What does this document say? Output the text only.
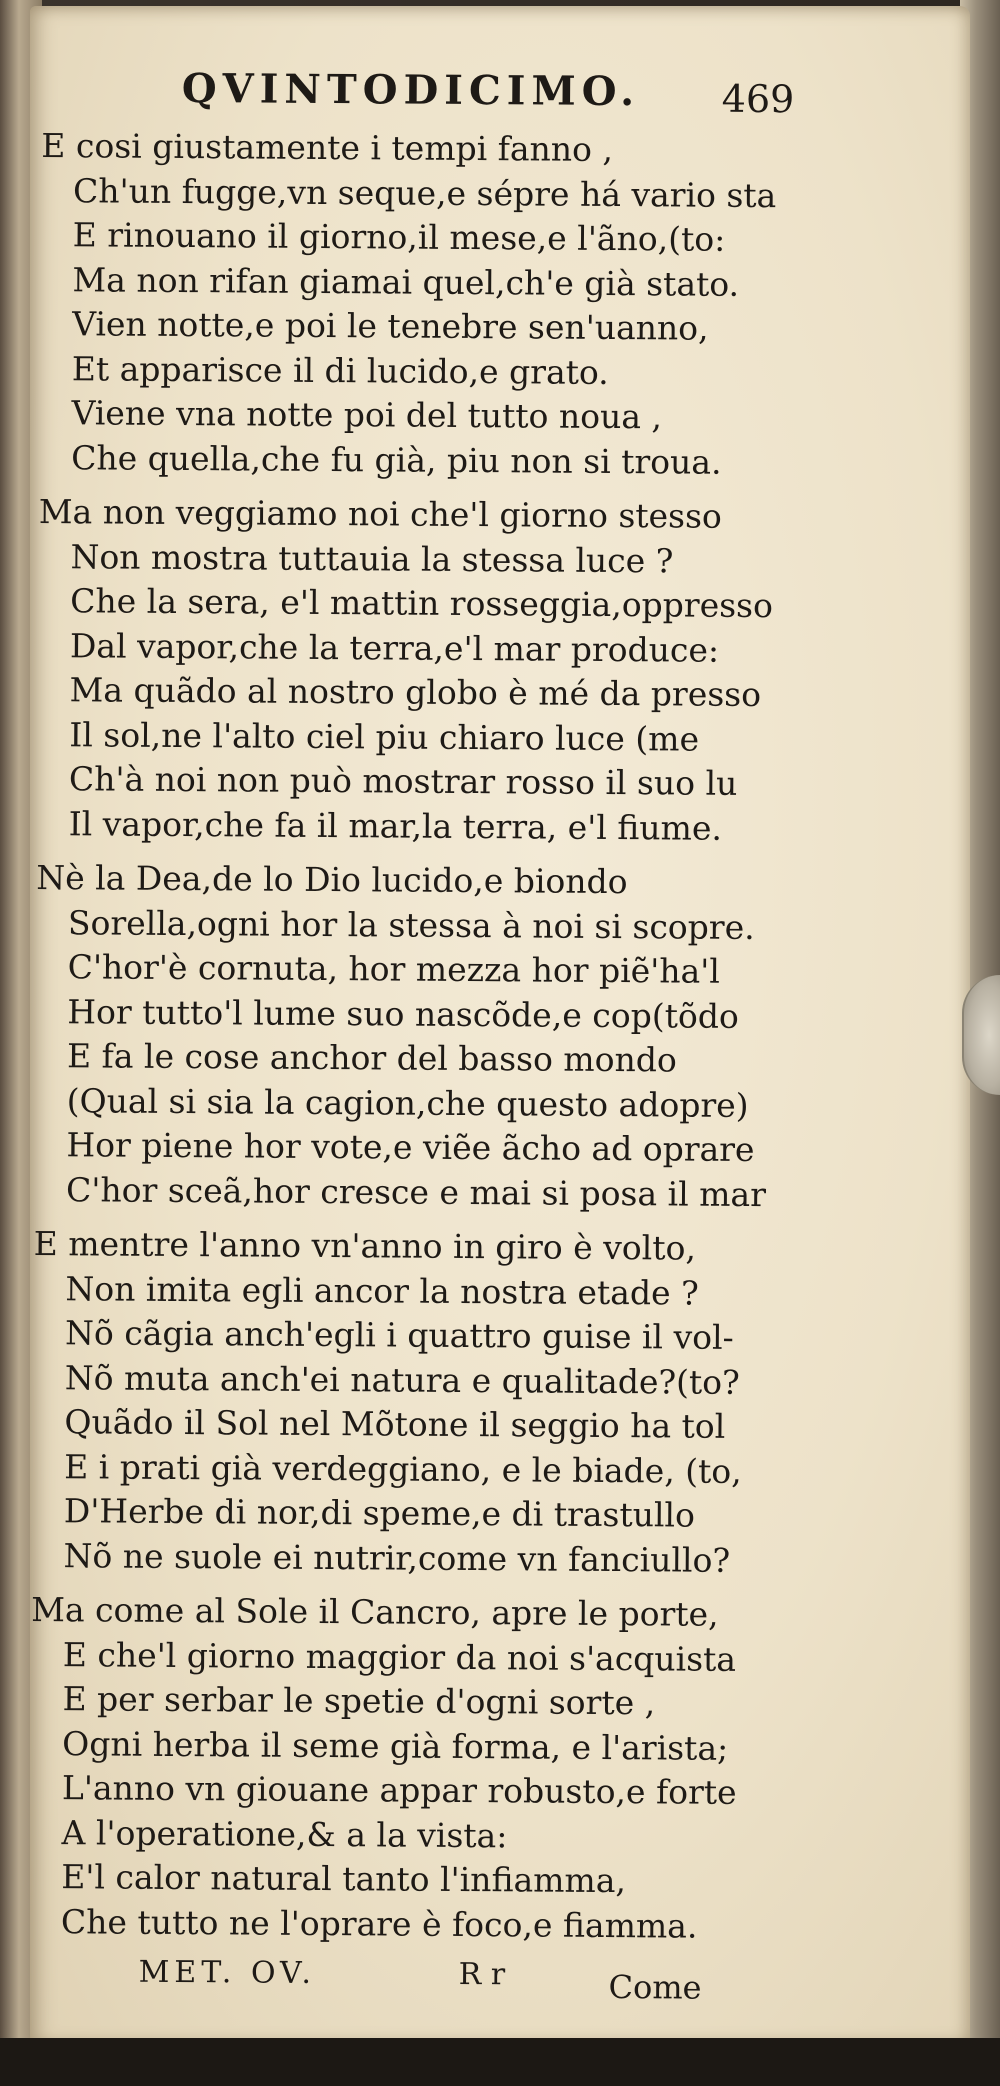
QVINTODICIMO. 469
E cosi giustamente i tempi fanno ,
Ch'un fugge,vn seque,e sépre há vario sta
E rinouano il giorno,il mese,e l'ãno,(to:
Ma non rifan giamai quel,ch'e già stato.
Vien notte,e poi le tenebre sen'uanno,
Et apparisce il di lucido,e grato.
Viene vna notte poi del tutto noua ,
Che quella,che fu già, piu non si troua.
Ma non veggiamo noi che'l giorno stesso
Non mostra tuttauia la stessa luce ?
Che la sera, e'l mattin rosseggia,oppresso
Dal vapor,che la terra,e'l mar produce:
Ma quãdo al nostro globo è mé da presso
Il sol,ne l'alto ciel piu chiaro luce (me
Ch'à noi non può mostrar rosso il suo lu
Il vapor,che fa il mar,la terra, e'l fiume.
Nè la Dea,de lo Dio lucido,e biondo
Sorella,ogni hor la stessa à noi si scopre.
C'hor'è cornuta, hor mezza hor piẽ'ha'l
Hor tutto'l lume suo nascõde,e cop(tõdo
E fa le cose anchor del basso mondo
(Qual si sia la cagion,che questo adopre)
Hor piene hor vote,e viẽe ãcho ad oprare
C'hor sceã,hor cresce e mai si posa il mar
E mentre l'anno vn'anno in giro è volto,
Non imita egli ancor la nostra etade ?
Nõ cãgia anch'egli i quattro guise il vol-
Nõ muta anch'ei natura e qualitade?(to?
Quãdo il Sol nel Mõtone il seggio ha tol
E i prati già verdeggiano, e le biade, (to,
D'Herbe di nor,di speme,e di trastullo
Nõ ne suole ei nutrir,come vn fanciullo?
Ma come al Sole il Cancro, apre le porte,
E che'l giorno maggior da noi s'acquista
E per serbar le spetie d'ogni sorte ,
Ogni herba il seme già forma, e l'arista;
L'anno vn giouane appar robusto,e forte
A l'operatione,& a la vista:
E'l calor natural tanto l'infiamma,
Che tutto ne l'oprare è foco,e fiamma.
MET. OV.	R r	Come
